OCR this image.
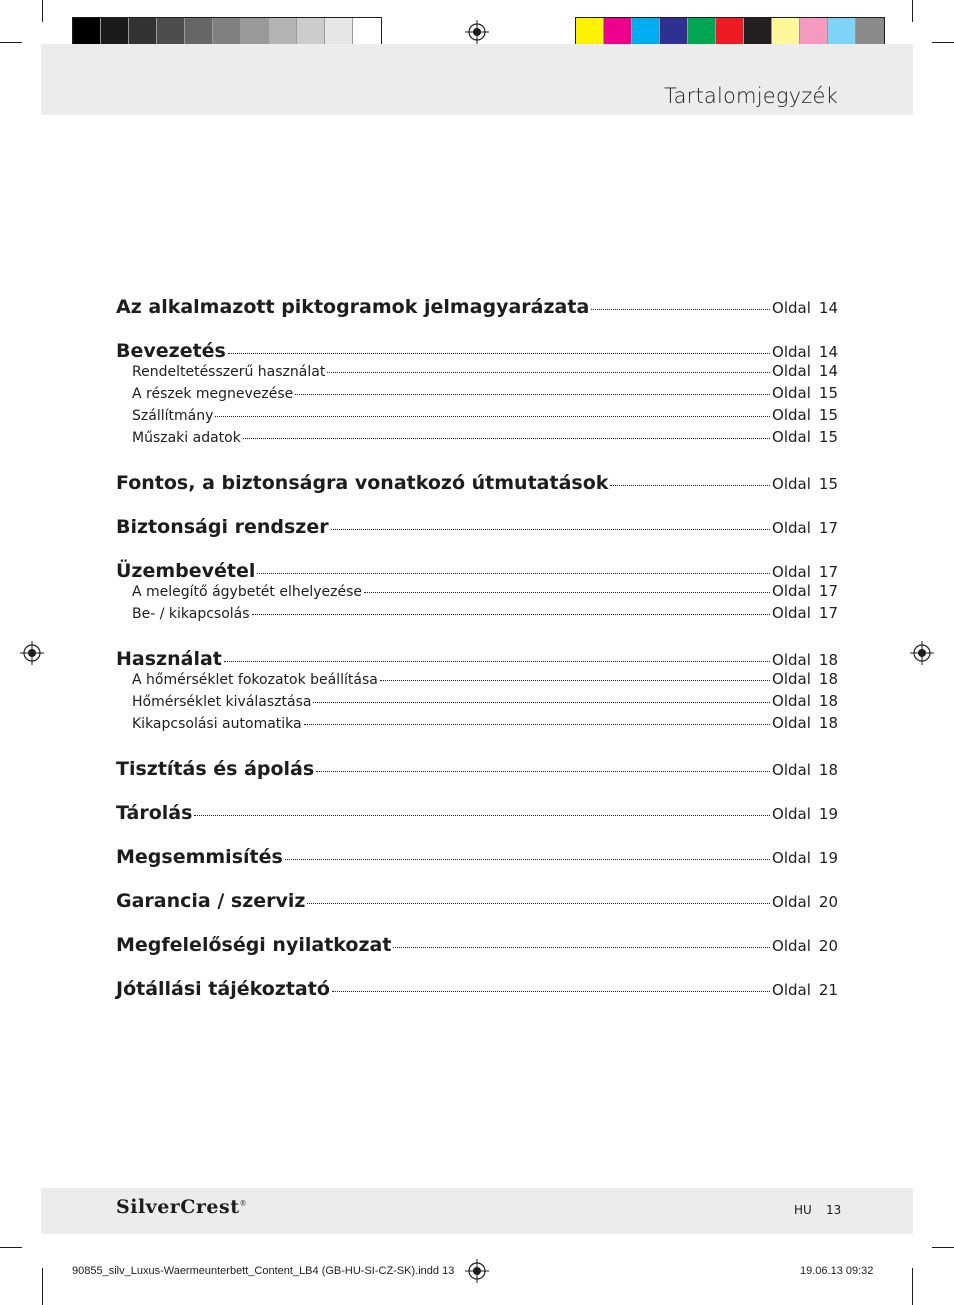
Tartalomjegyzék
Az alkalmazott piktogramok jelmagyarázata	Oldal 14
Bevezetés	Oldal 14
Rendeltetésszerű használat	Oldal 14
A részek megnevezése	Oldal 15
Szállítmány	Oldal 15
Műszaki adatok	Oldal 15
Fontos, a biztonságra vonatkozó útmutatások	Oldal 15
Biztonsági rendszer	Oldal 17
Üzembevétel	Oldal 17
A melegítő ágybetét elhelyezése	Oldal 17
Be- / kikapcsolás	Oldal 17
Használat	Oldal 18
A hőmérséklet fokozatok beállítása	Oldal 18
Hőmérséklet kiválasztása	Oldal 18
Kikapcsolási automatika	Oldal 18
Tisztítás és ápolás	Oldal 18
Tárolás	Oldal 19
Megsemmisítés	Oldal 19
Garancia / szerviz	Oldal 20
Megfelelőségi nyilatkozat	Oldal 20
Jótállási tájékoztató	Oldal 21
SilverCrest®	HU 13
90855_silv_Luxus-Waermeunterbett_Content_LB4 (GB-HU-SI-CZ-SK).indd 13	19.06.13 09:32
